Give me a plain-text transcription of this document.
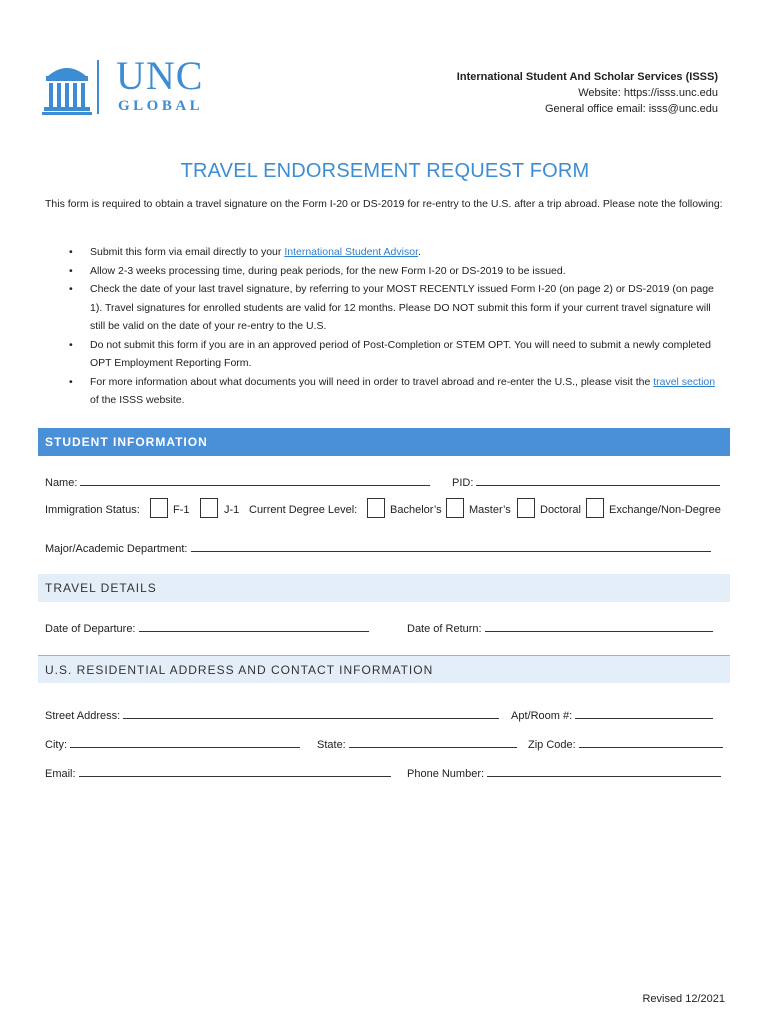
UNC
GLOBAL
International Student And Scholar Services (ISSS)
Website: https://isss.unc.edu
General office email: isss@unc.edu
TRAVEL ENDORSEMENT REQUEST FORM
This form is required to obtain a travel signature on the Form I-20 or DS-2019 for re-entry to the U.S. after a trip abroad. Please note the following:
• Submit this form via email directly to your International Student Advisor.
• Allow 2-3 weeks processing time, during peak periods, for the new Form I-20 or DS-2019 to be issued.
• Check the date of your last travel signature, by referring to your MOST RECENTLY issued Form I-20 (on page 2) or DS-2019 (on page 1). Travel signatures for enrolled students are valid for 12 months. Please DO NOT submit this form if your current travel signature will still be valid on the date of your re-entry to the U.S.
• Do not submit this form if you are in an approved period of Post-Completion or STEM OPT. You will need to submit a newly completed OPT Employment Reporting Form.
• For more information about what documents you will need in order to travel abroad and re-enter the U.S., please visit the travel section of the ISSS website.
STUDENT INFORMATION
Name:	PID:
Immigration Status:	F-1	J-1 Current Degree Level:	Bachelor’s Master’s	Doctoral	Exchange/Non-Degree
Major/Academic Department:
TRAVEL DETAILS
Date of Departure:	Date of Return:
U.S. RESIDENTIAL ADDRESS AND CONTACT INFORMATION
Street Address:	Apt/Room #:
City:	State:	Zip Code:
Email:	Phone Number:
Revised 12/2021
